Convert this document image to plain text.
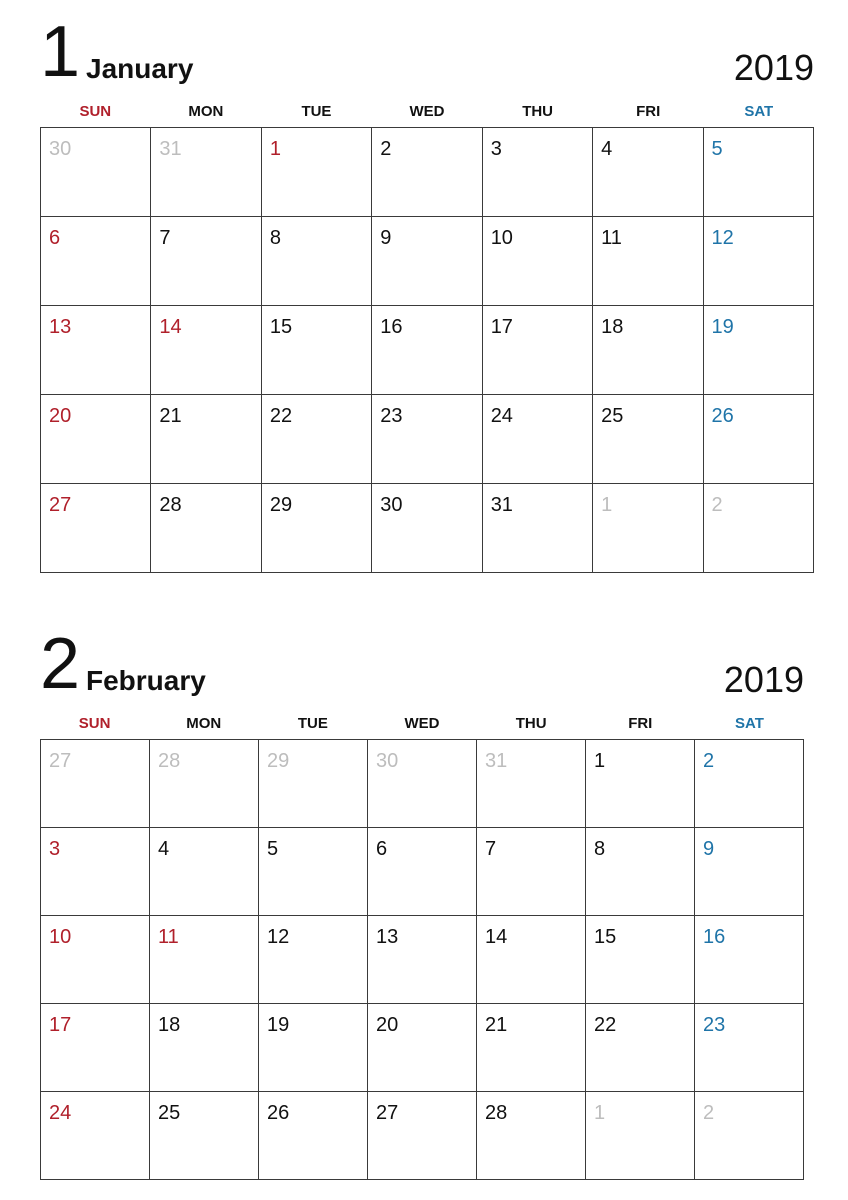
1 January	2019
SUN	MON	TUE	WED	THU	FRI	SAT
30	31	1	2	3	4	5
6	7	8	9	10	11	12
13	14	15	16	17	18	19
20	21	22	23	24	25	26
27	28	29	30	31	1	2
2 February	2019
SUN	MON	TUE	WED	THU	FRI	SAT
27	28	29	30	31	1	2
3	4	5	6	7	8	9
10	11	12	13	14	15	16
17	18	19	20	21	22	23
24	25	26	27	28	1	2
